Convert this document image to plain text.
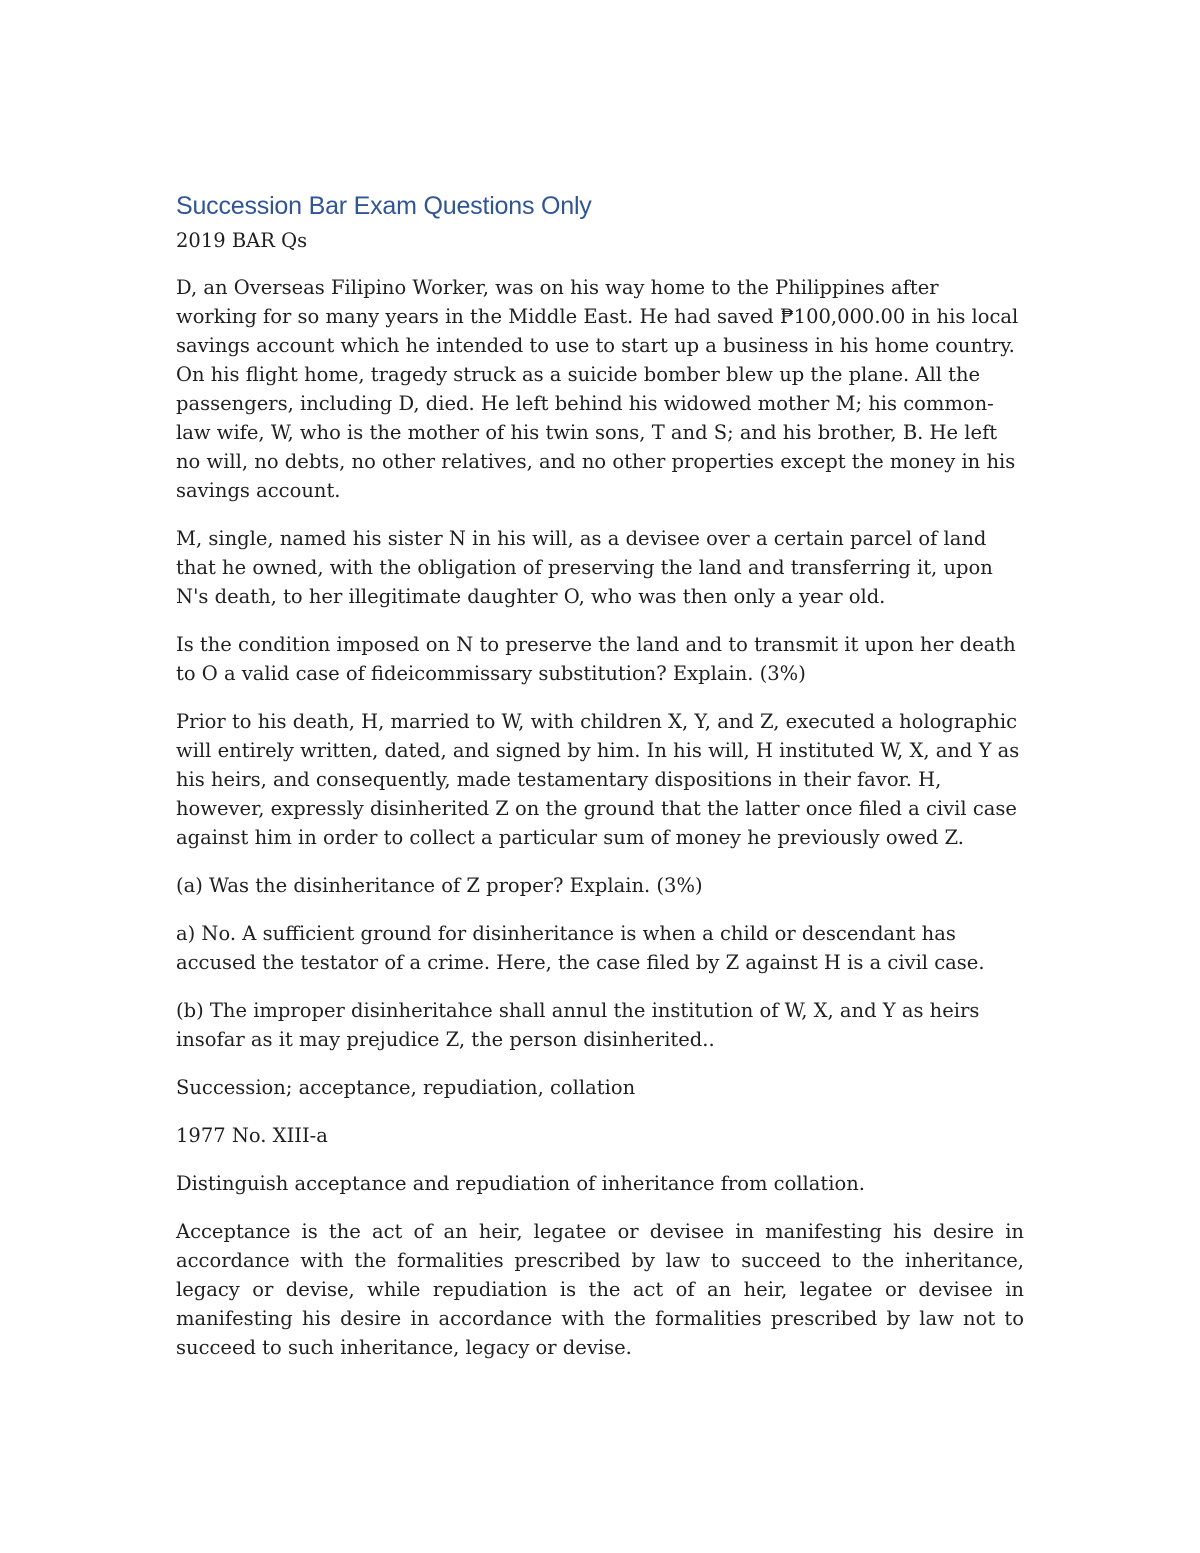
Succession Bar Exam Questions Only

2019 BAR Qs

D, an Overseas Filipino Worker, was on his way home to the Philippines after working for so many years in the Middle East. He had saved ₱100,000.00 in his local savings account which he intended to use to start up a business in his home country. On his flight home, tragedy struck as a suicide bomber blew up the plane. All the passengers, including D, died. He left behind his widowed mother M; his common-law wife, W, who is the mother of his twin sons, T and S; and his brother, B. He left no will, no debts, no other relatives, and no other properties except the money in his savings account.

M, single, named his sister N in his will, as a devisee over a certain parcel of land that he owned, with the obligation of preserving the land and transferring it, upon N's death, to her illegitimate daughter O, who was then only a year old.

Is the condition imposed on N to preserve the land and to transmit it upon her death to O a valid case of fideicommissary substitution? Explain. (3%)

Prior to his death, H, married to W, with children X, Y, and Z, executed a holographic will entirely written, dated, and signed by him. In his will, H instituted W, X, and Y as his heirs, and consequently, made testamentary dispositions in their favor. H, however, expressly disinherited Z on the ground that the latter once filed a civil case against him in order to collect a particular sum of money he previously owed Z.

(a) Was the disinheritance of Z proper? Explain. (3%)

a) No. A sufficient ground for disinheritance is when a child or descendant has accused the testator of a crime. Here, the case filed by Z against H is a civil case.

(b) The improper disinheritahce shall annul the institution of W, X, and Y as heirs insofar as it may prejudice Z, the person disinherited..

Succession; acceptance, repudiation, collation

1977 No. XIII-a

Distinguish acceptance and repudiation of inheritance from collation.

Acceptance is the act of an heir, legatee or devisee in manifesting his desire in accordance with the formalities prescribed by law to succeed to the inheritance, legacy or devise, while repudiation is the act of an heir, legatee or devisee in manifesting his desire in accordance with the formalities prescribed by law not to succeed to such inheritance, legacy or devise.
